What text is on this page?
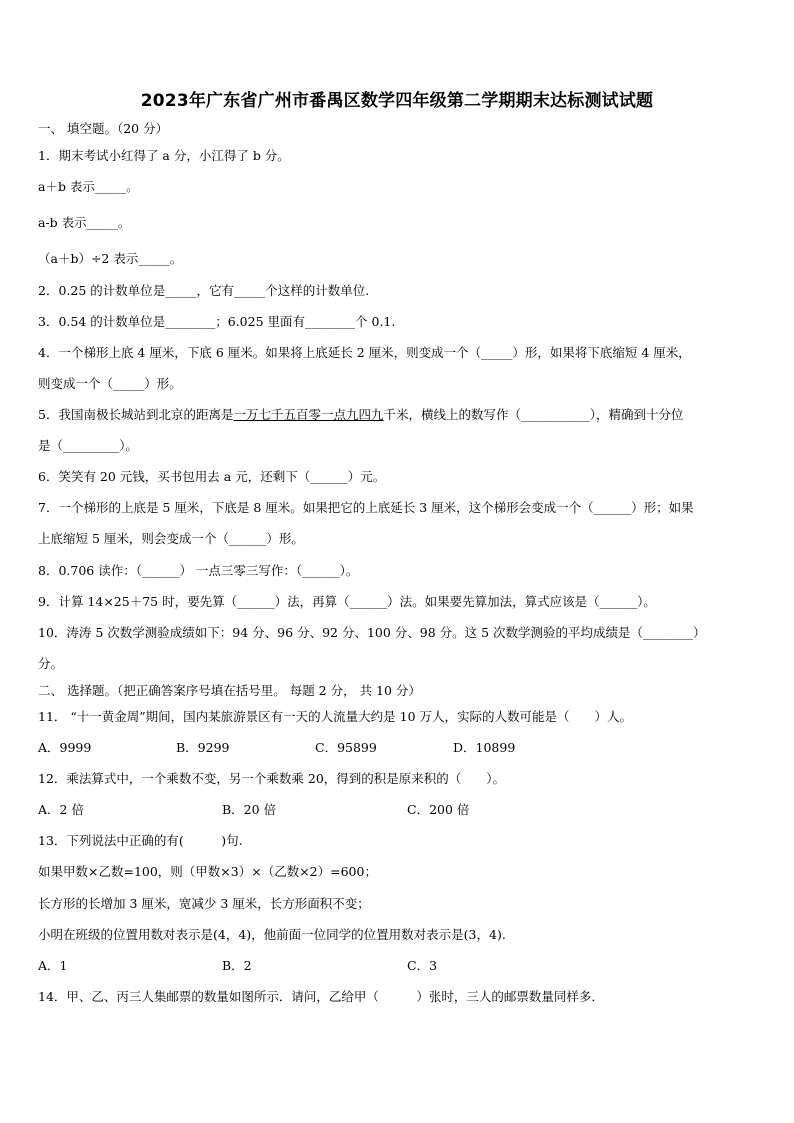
2023年广东省广州市番禺区数学四年级第二学期期末达标测试试题
一、 填空题。（20 分）
1．期末考试小红得了 a 分，小江得了 b 分。
a＋b 表示_____。
a-b 表示_____。
（a＋b）÷2 表示_____。
2．0.25 的计数单位是_____，它有_____个这样的计数单位.
3．0.54 的计数单位是________；6.025 里面有________个 0.1.
4．一个梯形上底 4 厘米，下底 6 厘米。如果将上底延长 2 厘米，则变成一个（_____）形，如果将下底缩短 4 厘米，
则变成一个（_____）形。
5．我国南极长城站到北京的距离是一万七千五百零一点九四九千米，横线上的数写作（___________），精确到十分位
是（_________）。
6．笑笑有 20 元钱，买书包用去 a 元，还剩下（______）元。
7．一个梯形的上底是 5 厘米，下底是 8 厘米。如果把它的上底延长 3 厘米，这个梯形会变成一个（______）形；如果
上底缩短 5 厘米，则会变成一个（______）形。
8．0.706 读作：（______） 一点三零三写作：（______）。
9．计算 14×25＋75 时，要先算（______）法，再算（______）法。如果要先算加法，算式应该是（______）。
10．涛涛 5 次数学测验成绩如下：94 分、96 分、92 分、100 分、98 分。这 5 次数学测验的平均成绩是（________）
分。
二、 选择题。（把正确答案序号填在括号里。 每题 2 分， 共 10 分）
11． “十一黄金周”期间，国内某旅游景区有一天的人流量大约是 10 万人，实际的人数可能是（　　）人。
A．9999	B．9299	C．95899	D．10899
12．乘法算式中，一个乘数不变，另一个乘数乘 20，得到的积是原来积的（　　）。
A．2 倍	B．20 倍	C．200 倍
13．下列说法中正确的有(　　　)句.
如果甲数×乙数=100，则（甲数×3）×（乙数×2）=600；
长方形的长增加 3 厘米，宽减少 3 厘米，长方形面积不变；
小明在班级的位置用数对表示是(4，4)，他前面一位同学的位置用数对表示是(3，4).
A．1	B．2	C．3
14．甲、乙、丙三人集邮票的数量如图所示．请问，乙给甲（　　　）张时，三人的邮票数量同样多．
